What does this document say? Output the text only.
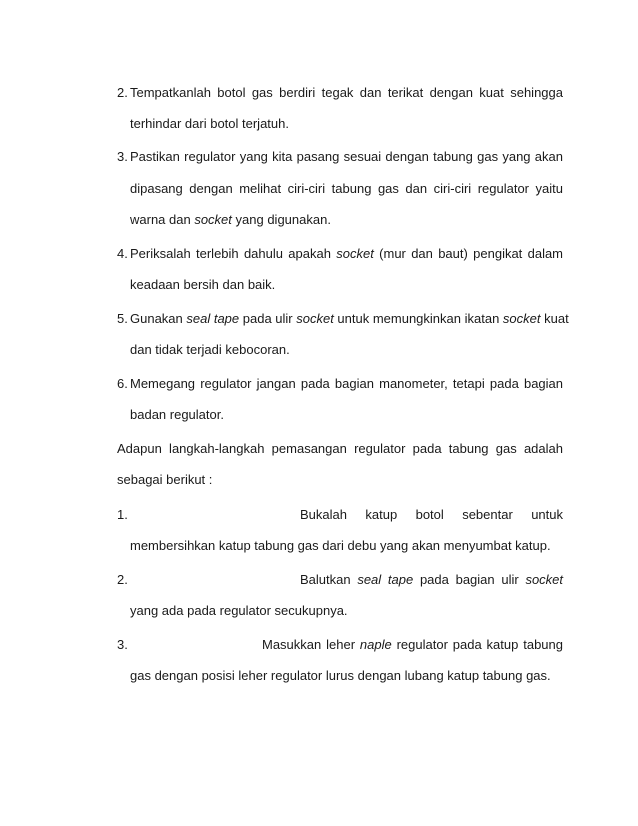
2. Tempatkanlah botol gas berdiri tegak dan terikat dengan kuat sehingga
terhindar dari botol terjatuh.
3. Pastikan regulator yang kita pasang sesuai dengan tabung gas yang akan
dipasang dengan melihat ciri-ciri tabung gas dan ciri-ciri regulator yaitu
warna dan socket yang digunakan.
4. Periksalah terlebih dahulu apakah socket (mur dan baut) pengikat dalam
keadaan bersih dan baik.
5. Gunakan seal tape pada ulir socket untuk memungkinkan ikatan socket kuat
dan tidak terjadi kebocoran.
6. Memegang regulator jangan pada bagian manometer, tetapi pada bagian
badan regulator.
Adapun langkah-langkah pemasangan regulator pada tabung gas adalah
sebagai berikut :
1.	Bukalah katup botol sebentar untuk
membersihkan katup tabung gas dari debu yang akan menyumbat katup.
2.	Balutkan seal tape pada bagian ulir socket
yang ada pada regulator secukupnya.
3.	Masukkan leher naple regulator pada katup tabung
gas dengan posisi leher regulator lurus dengan lubang katup tabung gas.
